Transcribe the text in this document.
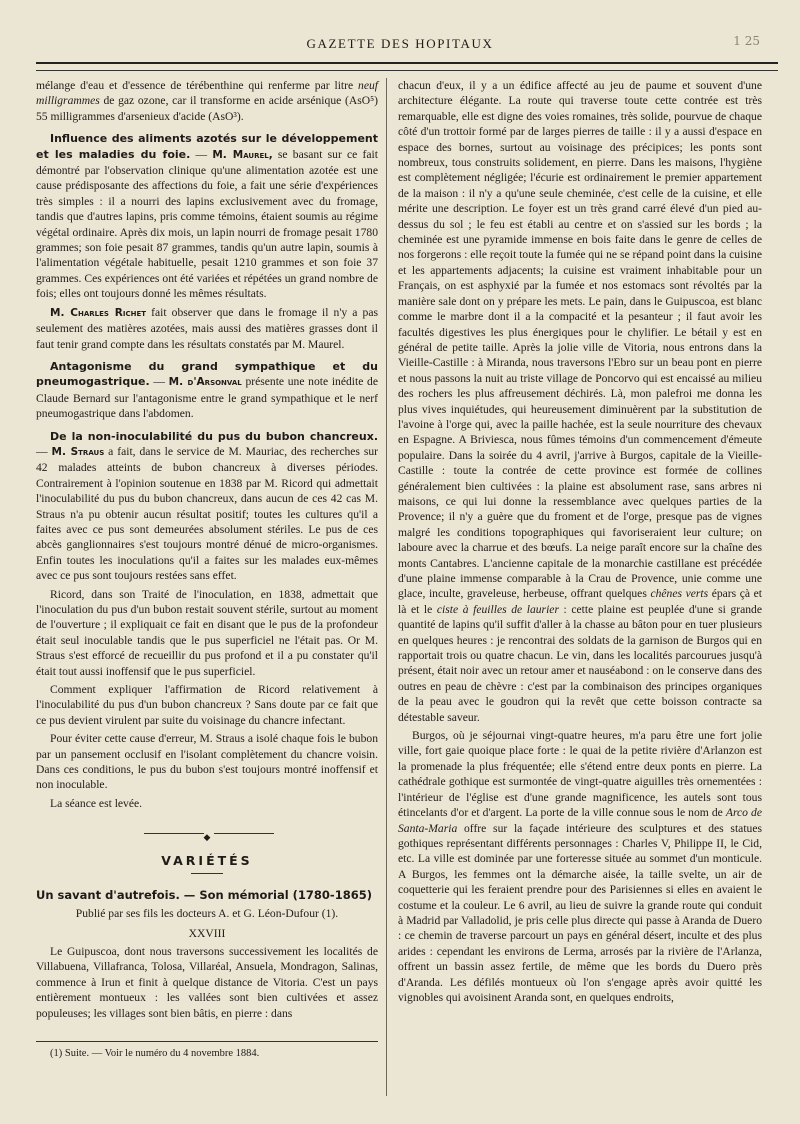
GAZETTE DES HOPITAUX	1 25

mélange d'eau et d'essence de térébenthine qui renferme par litre neuf milligrammes de gaz ozone, car il transforme en acide arsénique (AsO⁵) 55 milligrammes d'arsenieux d'acide (AsO³).

Influence des aliments azotés sur le développement et les maladies du foie. — M. Maurel, se basant sur ce fait démontré par l'observation clinique qu'une alimentation azotée est une cause prédisposante des affections du foie, a fait une série d'expériences très simples : il a nourri des lapins exclusivement avec du fromage, tandis que d'autres lapins, pris comme témoins, étaient soumis au régime végétal ordinaire. Après dix mois, un lapin nourri de fromage pesait 1780 grammes; son foie pesait 87 grammes, tandis qu'un autre lapin, soumis à l'alimentation végétale habituelle, pesait 1210 grammes et son foie 37 grammes. Ces expériences ont été variées et répétées un grand nombre de fois; elles ont toujours donné les mêmes résultats.

M. Charles Richet fait observer que dans le fromage il n'y a pas seulement des matières azotées, mais aussi des matières grasses dont il faut tenir grand compte dans les résultats constatés par M. Maurel.

Antagonisme du grand sympathique et du pneumogastrique. — M. d'Arsonval présente une note inédite de Claude Bernard sur l'antagonisme entre le grand sympathique et le nerf pneumogastrique dans l'abdomen.

De la non-inoculabilité du pus du bubon chancreux. — M. Straus a fait, dans le service de M. Mauriac, des recherches sur 42 malades atteints de bubon chancreux à diverses périodes. Contrairement à l'opinion soutenue en 1838 par M. Ricord qui admettait l'inoculabilité du pus du bubon chancreux, dans aucun de ces 42 cas M. Straus n'a pu obtenir aucun résultat positif; toutes les cultures qu'il a faites avec ce pus sont demeurées absolument stériles. Le pus de ces abcès ganglionnaires s'est toujours montré dénué de micro-organismes. Enfin toutes les inoculations qu'il a faites sur les malades eux-mêmes avec ce pus sont toujours restées sans effet.

Ricord, dans son Traité de l'inoculation, en 1838, admettait que l'inoculation du pus d'un bubon restait souvent stérile, surtout au moment de l'ouverture ; il expliquait ce fait en disant que le pus de la profondeur était seul inoculable tandis que le pus superficiel ne l'était pas. Or M. Straus s'est efforcé de recueillir du pus profond et il a pu constater qu'il était tout aussi inoffensif que le pus superficiel.

Comment expliquer l'affirmation de Ricord relativement à l'inoculabilité du pus d'un bubon chancreux ? Sans doute par ce fait que ce pus devient virulent par suite du voisinage du chancre infectant.

Pour éviter cette cause d'erreur, M. Straus a isolé chaque fois le bubon par un pansement occlusif en l'isolant complètement du chancre voisin. Dans ces conditions, le pus du bubon s'est toujours montré inoffensif et non inoculable.

La séance est levée.

◆
VARIÉTÉS

Un savant d'autrefois. — Son mémorial (1780-1865)

Publié par ses fils les docteurs A. et G. Léon-Dufour (1).

XXVIII

Le Guipuscoa, dont nous traversons successivement les localités de Villabuena, Villafranca, Tolosa, Villaréal, Ansuela, Mondragon, Salinas, commence à Irun et finit à quelque distance de Vitoria. C'est un pays entièrement montueux : les vallées sont bien cultivées et assez populeuses; les villages sont bien bâtis, en pierre : dans

(1) Suite. — Voir le numéro du 4 novembre 1884.

chacun d'eux, il y a un édifice affecté au jeu de paume et souvent d'une architecture élégante. La route qui traverse toute cette contrée est très remarquable, elle est digne des voies romaines, très solide, pourvue de chaque côté d'un trottoir formé par de larges pierres de taille : il y a aussi d'espace en espace des bornes, surtout au voisinage des précipices; les ponts sont nombreux, tous construits solidement, en pierre. Dans les maisons, l'hygiène est complètement négligée; l'écurie est ordinairement le premier appartement de la maison : il n'y a qu'une seule cheminée, c'est celle de la cuisine, et elle mérite une description. Le foyer est un très grand carré élevé d'un pied au-dessus du sol ; le feu est établi au centre et on s'assied sur les bords ; la cheminée est une pyramide immense en bois faite dans le genre de celles de nos forgerons : elle reçoit toute la fumée qui ne se répand point dans la cuisine et les appartements adjacents; la cuisine est vraiment inhabitable pour un Français, on est asphyxié par la fumée et nos estomacs sont révoltés par la manière sale dont on y prépare les mets. Le pain, dans le Guipuscoa, est blanc comme le marbre dont il a la compacité et la pesanteur ; il faut avoir les facultés digestives les plus énergiques pour le chylifier. Le bétail y est en général de petite taille. Après la jolie ville de Vitoria, nous entrons dans la Vieille-Castille : à Miranda, nous traversons l'Ebro sur un beau pont en pierre et nous passons la nuit au triste village de Poncorvo qui est encaissé au milieu des rochers les plus affreusement déchirés. Là, mon palefroi me donna les plus vives inquiétudes, qui heureusement diminuèrent par la substitution de l'avoine à l'orge qui, avec la paille hachée, est la seule nourriture des chevaux en Espagne. A Briviesca, nous fûmes témoins d'un commencement d'émeute populaire. Dans la soirée du 4 avril, j'arrive à Burgos, capitale de la Vieille-Castille : toute la contrée de cette province est formée de collines généralement bien cultivées : la plaine est absolument rase, sans arbres ni maisons, ce qui lui donne la ressemblance avec quelques parties de la Provence; il n'y a guère que du froment et de l'orge, presque pas de vignes malgré les conditions topographiques qui favoriseraient leur culture; on laboure avec la charrue et des bœufs. La neige paraît encore sur la chaîne des monts Cantabres. L'ancienne capitale de la monarchie castillane est précédée d'une plaine immense comparable à la Crau de Provence, unie comme une glace, inculte, graveleuse, herbeuse, offrant quelques chênes verts épars çà et là et le ciste à feuilles de laurier : cette plaine est peuplée d'une si grande quantité de lapins qu'il suffit d'aller à la chasse au bâton pour en tuer plusieurs en quelques heures : je rencontrai des soldats de la garnison de Burgos qui en rapportait trois ou quatre chacun. Le vin, dans les localités parcourues jusqu'à présent, était noir avec un retour amer et nauséabond : on le conserve dans des outres en peau de chèvre : c'est par la combinaison des principes organiques de la peau avec le goudron qui la revêt que cette boisson contracte sa détestable saveur.

Burgos, où je séjournai vingt-quatre heures, m'a paru être une fort jolie ville, fort gaie quoique place forte : le quai de la petite rivière d'Arlanzon est la promenade la plus fréquentée; elle s'étend entre deux ponts en pierre. La cathédrale gothique est surmontée de vingt-quatre aiguilles très ornementées : l'intérieur de l'église est d'une grande magnificence, les autels sont tous étincelants d'or et d'argent. La porte de la ville connue sous le nom de Arco de Santa-Maria offre sur la façade intérieure des sculptures et des statues gothiques représentant différents personnages : Charles V, Philippe II, le Cid, etc. La ville est dominée par une forteresse située au sommet d'un monticule. A Burgos, les femmes ont la démarche aisée, la taille svelte, un air de coquetterie qui les feraient prendre pour des Parisiennes si elles en avaient le costume et la couleur. Le 6 avril, au lieu de suivre la grande route qui conduit à Madrid par Valladolid, je pris celle plus directe qui passe à Aranda de Duero : ce chemin de traverse parcourt un pays en général désert, inculte et des plus arides : cependant les environs de Lerma, arrosés par la rivière de l'Arlanza, offrent un bassin assez fertile, de même que les bords du Duero près d'Aranda. Les défilés montueux où l'on s'engage après avoir quitté les vignobles qui avoisinent Aranda sont, en quelques endroits,
